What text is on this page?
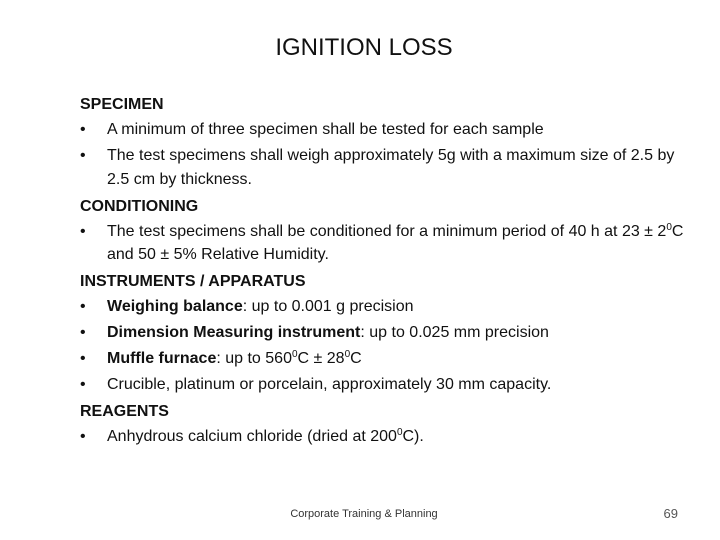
IGNITION LOSS
SPECIMEN
• A minimum of three specimen shall be tested for each sample
• The test specimens shall weigh approximately 5g with a maximum size of 2.5 by 2.5 cm by thickness.
CONDITIONING
• The test specimens shall be conditioned for a minimum period of 40 h at $23 \pm 2^0C$ and 50 ± 5% Relative Humidity.
INSTRUMENTS / APPARATUS
• Weighing balance: up to 0.001 g precision
• Dimension Measuring instrument: up to 0.025 mm precision
• Muffle furnace: up to $560^0C \pm 28^0C$
• Crucible, platinum or porcelain, approximately 30 mm capacity.
REAGENTS
• Anhydrous calcium chloride (dried at $200^0C$).
Corporate Training & Planning	69
